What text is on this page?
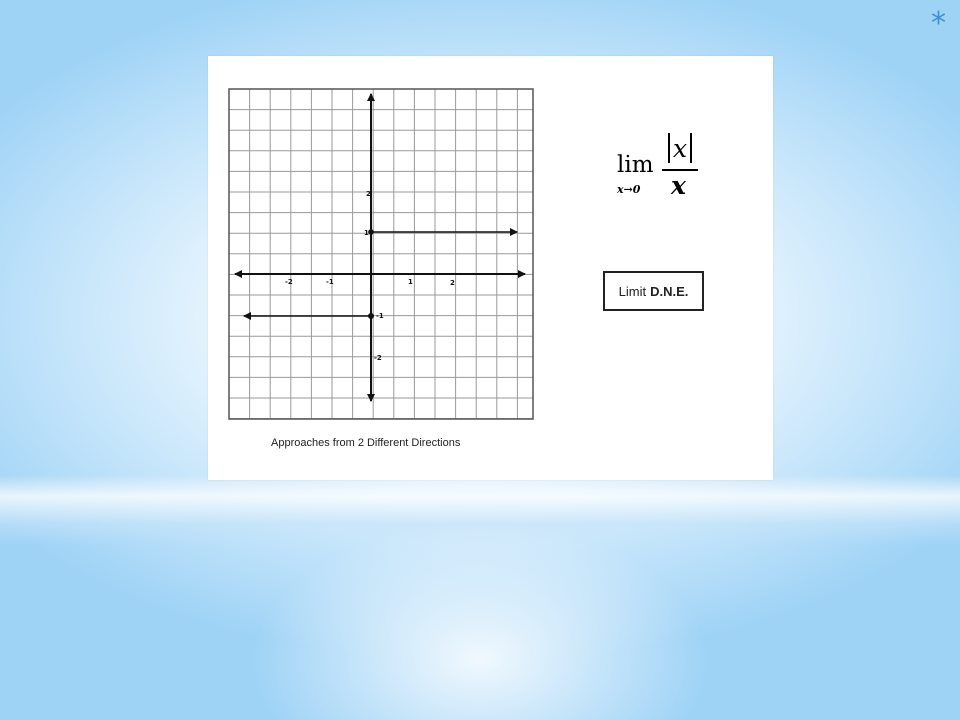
*
-2	-1	1	2
2
1
-1
-2
Approaches from 2 Different Directions
lim
x→0
x
x
Limit D.N.E.
